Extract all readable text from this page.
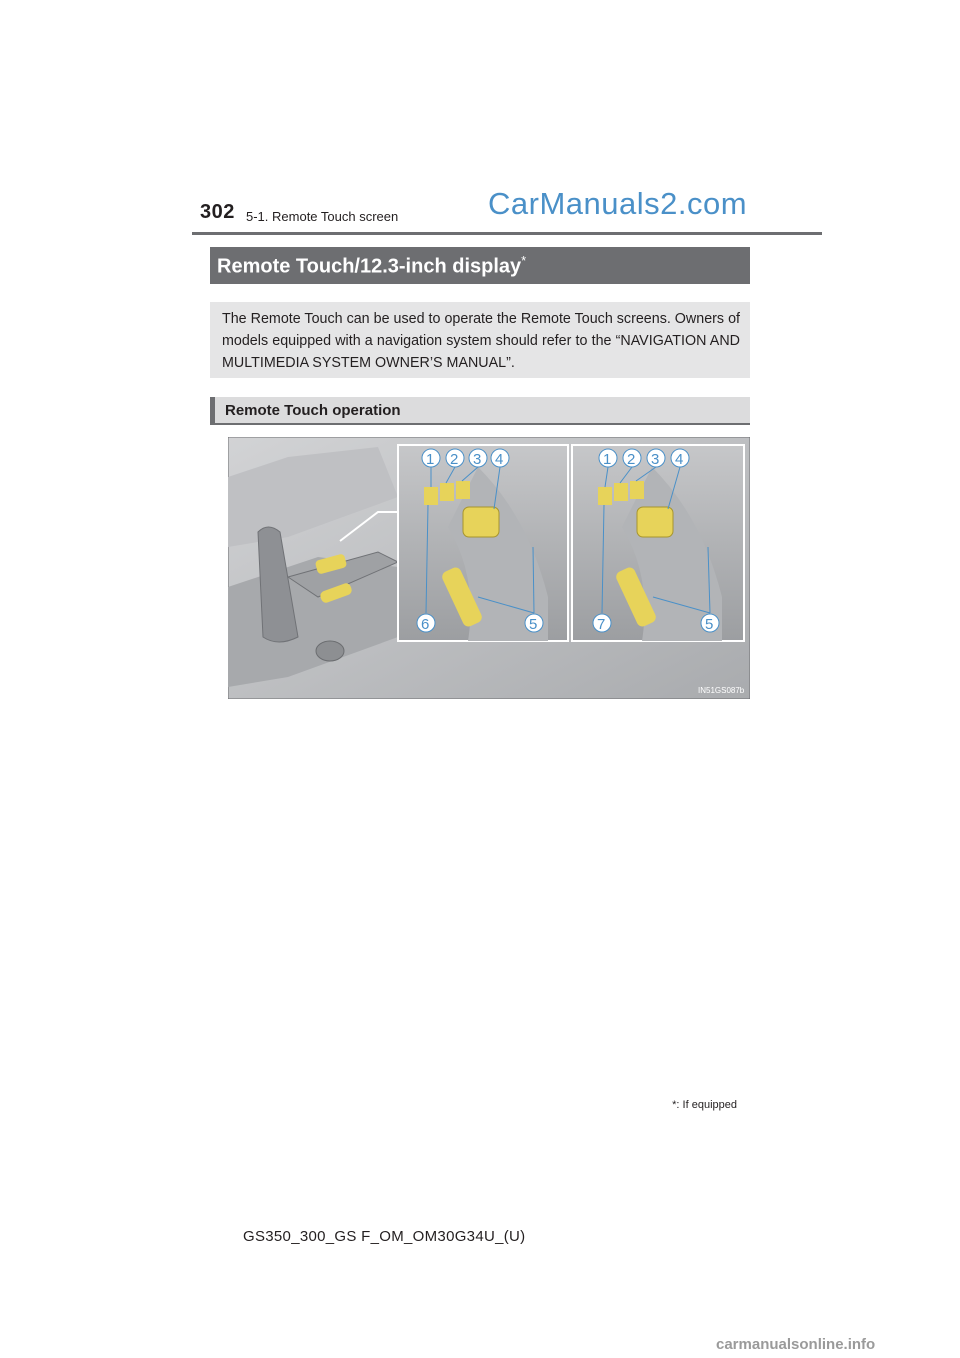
302 5-1. Remote Touch screen	CarManuals2.com
Remote Touch/12.3-inch display*
The Remote Touch can be used to operate the Remote Touch screens. Owners of models equipped with a navigation system should refer to the “NAVIGATION AND MULTIMEDIA SYSTEM OWNER’S MANUAL”.
Remote Touch operation
1 2 3 4
6	5
1 2 3 4
7	5
IN51GS087b
*: If equipped
GS350_300_GS F_OM_OM30G34U_(U)
carmanualsonline.info
